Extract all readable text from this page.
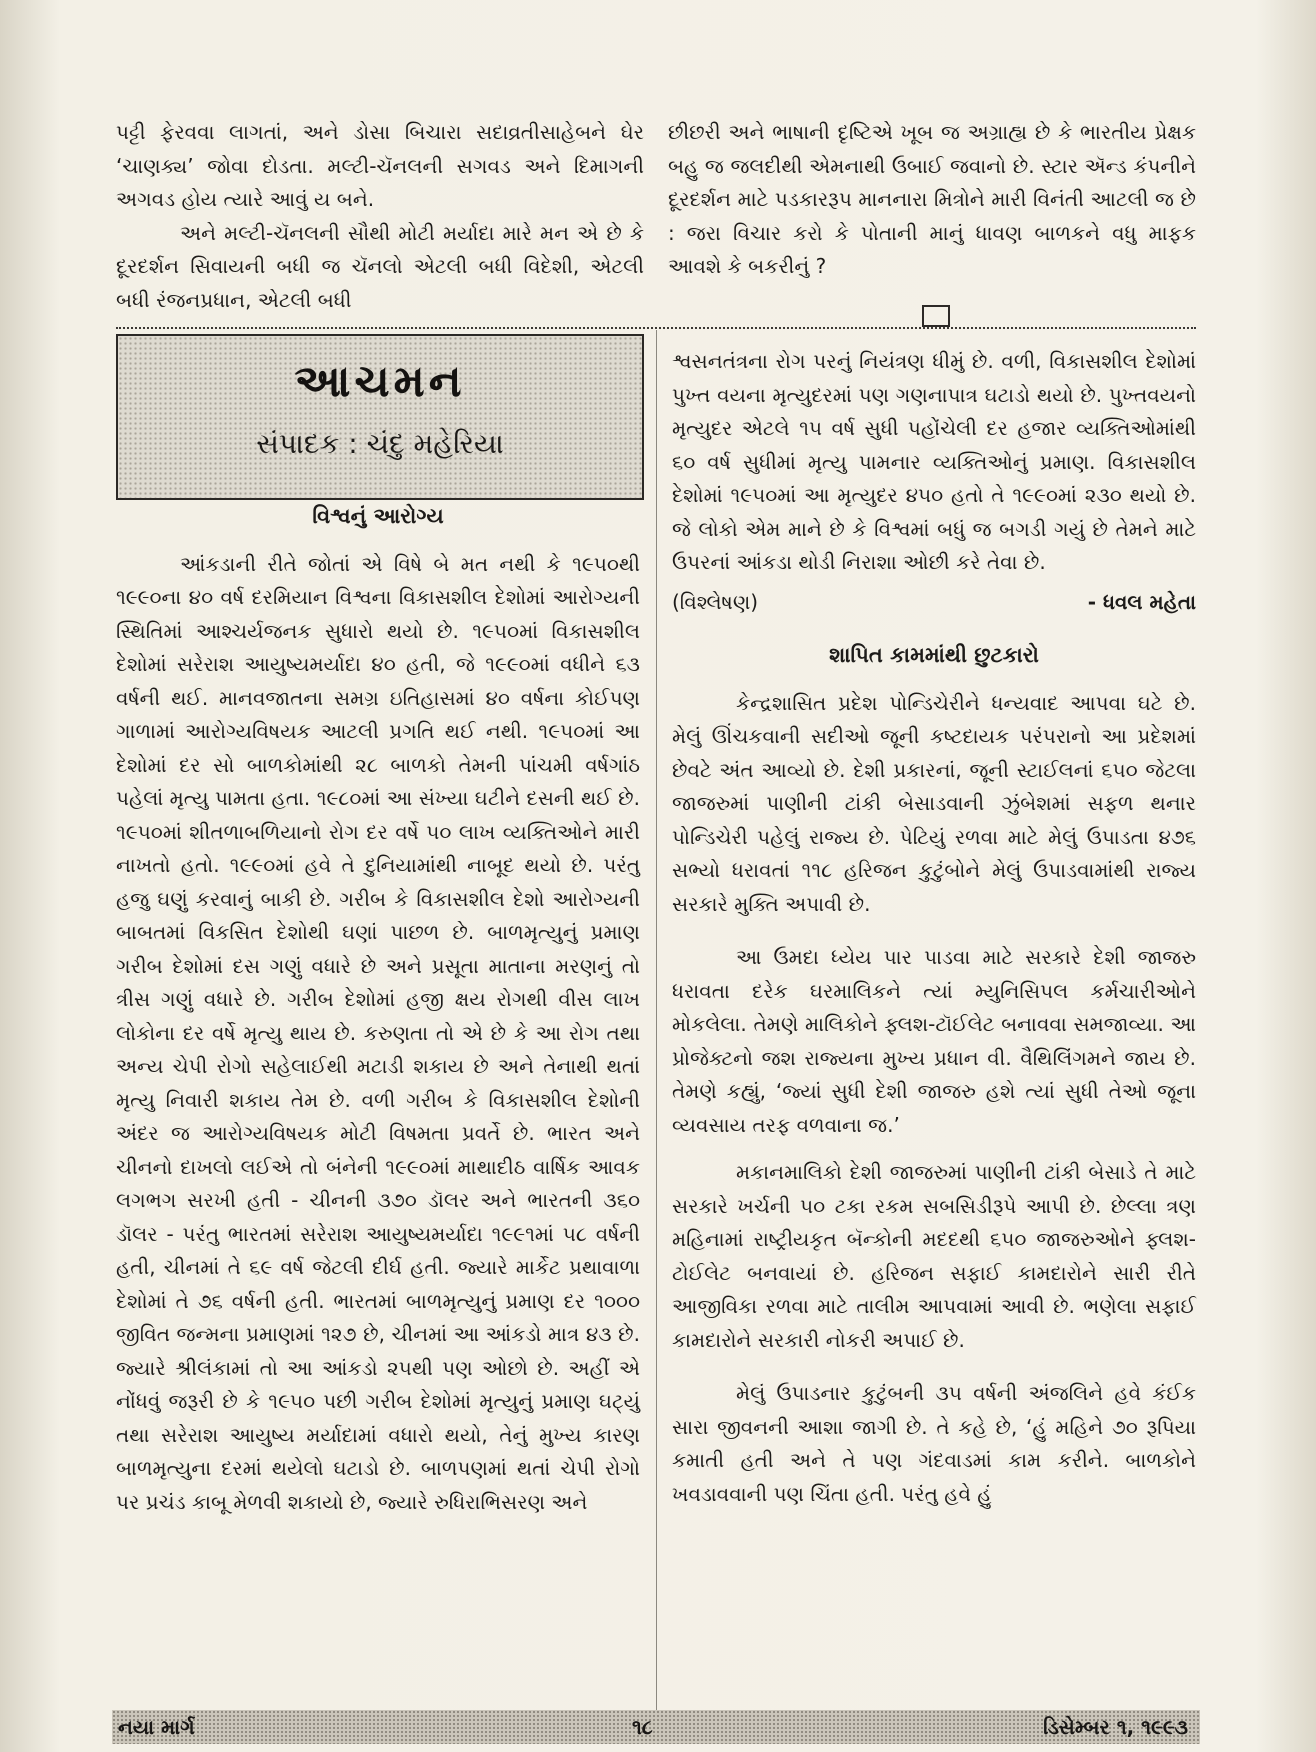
પટ્ટી ફેરવવા લાગતાં, અને ડોસા બિચારા સદાવ્રતીસાહેબને ઘેર ‘ચાણક્ય’ જોવા દોડતા. મલ્ટી-ચૅનલની સગવડ અને દિમાગની અગવડ હોય ત્યારે આવું ય બને.

અને મલ્ટી-ચૅનલની સૌથી મોટી મર્યાદા મારે મન એ છે કે દૂરદર્શન સિવાયની બધી જ ચૅનલો એટલી બધી વિદેશી, એટલી બધી રંજનપ્રધાન, એટલી બધી

છીછરી અને ભાષાની દૃષ્ટિએ ખૂબ જ અગ્રાહ્ય છે કે ભારતીય પ્રેક્ષક બહુ જ જલદીથી એમનાથી ઉબાઈ જવાનો છે. સ્ટાર ઍન્ડ કંપનીને દૂરદર્શન માટે પડકારરૂપ માનનારા મિત્રોને મારી વિનંતી આટલી જ છે : જરા વિચાર કરો કે પોતાની માનું ધાવણ બાળકને વધુ માફક આવશે કે બકરીનું ?

આચમન
સંપાદક : ચંદુ મહેરિયા
વિશ્વનું આરોગ્ય

આંકડાની રીતે જોતાં એ વિષે બે મત નથી કે ૧૯૫૦થી ૧૯૯૦ના ૪૦ વર્ષ દરમિયાન વિશ્વના વિકાસશીલ દેશોમાં આરોગ્યની સ્થિતિમાં આશ્ચર્યજનક સુધારો થયો છે. ૧૯૫૦માં વિકાસશીલ દેશોમાં સરેરાશ આયુષ્યમર્યાદા ૪૦ હતી, જે ૧૯૯૦માં વધીને ૬૩ વર્ષની થઈ. માનવજાતના સમગ્ર ઇતિહાસમાં ૪૦ વર્ષના કોઈપણ ગાળામાં આરોગ્યવિષયક આટલી પ્રગતિ થઈ નથી. ૧૯૫૦માં આ દેશોમાં દર સો બાળકોમાંથી ૨૮ બાળકો તેમની પાંચમી વર્ષગાંઠ પહેલાં મૃત્યુ પામતા હતા. ૧૯૮૦માં આ સંખ્યા ઘટીને દસની થઈ છે. ૧૯૫૦માં શીતળાબળિયાનો રોગ દર વર્ષે ૫૦ લાખ વ્યક્તિઓને મારી નાખતો હતો. ૧૯૯૦માં હવે તે દુનિયામાંથી નાબૂદ થયો છે. પરંતુ હજુ ઘણું કરવાનું બાકી છે. ગરીબ કે વિકાસશીલ દેશો આરોગ્યની બાબતમાં વિકસિત દેશોથી ઘણાં પાછળ છે. બાળમૃત્યુનું પ્રમાણ ગરીબ દેશોમાં દસ ગણું વધારે છે અને પ્રસૂતા માતાના મરણનું તો ત્રીસ ગણું વધારે છે. ગરીબ દેશોમાં હજી ક્ષય રોગથી વીસ લાખ લોકોના દર વર્ષે મૃત્યુ થાય છે. કરુણતા તો એ છે કે આ રોગ તથા અન્ય ચેપી રોગો સહેલાઈથી મટાડી શકાય છે અને તેનાથી થતાં મૃત્યુ નિવારી શકાય તેમ છે. વળી ગરીબ કે વિકાસશીલ દેશોની અંદર જ આરોગ્યવિષયક મોટી વિષમતા પ્રવર્તે છે. ભારત અને ચીનનો દાખલો લઈએ તો બંનેની ૧૯૯૦માં માથાદીઠ વાર્ષિક આવક લગભગ સરખી હતી - ચીનની ૩૭૦ ડૉલર અને ભારતની ૩૬૦ ડૉલર - પરંતુ ભારતમાં સરેરાશ આયુષ્યમર્યાદા ૧૯૯૧માં ૫૮ વર્ષની હતી, ચીનમાં તે ૬૯ વર્ષ જેટલી દીર્ઘ હતી. જ્યારે માર્કેટ પ્રથાવાળા દેશોમાં તે ૭૬ વર્ષની હતી. ભારતમાં બાળમૃત્યુનું પ્રમાણ દર ૧૦૦૦ જીવિત જન્મના પ્રમાણમાં ૧૨૭ છે, ચીનમાં આ આંકડો માત્ર ૪૩ છે. જ્યારે શ્રીલંકામાં તો આ આંકડો ૨૫થી પણ ઓછો છે. અહીં એ નોંધવું જરૂરી છે કે ૧૯૫૦ પછી ગરીબ દેશોમાં મૃત્યુનું પ્રમાણ ઘટ્યું તથા સરેરાશ આયુષ્ય મર્યાદામાં વધારો થયો, તેનું મુખ્ય કારણ બાળમૃત્યુના દરમાં થયેલો ઘટાડો છે. બાળપણમાં થતાં ચેપી રોગો પર પ્રચંડ કાબૂ મેળવી શકાયો છે, જ્યારે રુધિરાભિસરણ અને

શ્વસનતંત્રના રોગ પરનું નિયંત્રણ ધીમું છે. વળી, વિકાસશીલ દેશોમાં પુખ્ત વયના મૃત્યુદરમાં પણ ગણનાપાત્ર ઘટાડો થયો છે. પુખ્તવયનો મૃત્યુદર એટલે ૧૫ વર્ષ સુધી પહોંચેલી દર હજાર વ્યક્તિઓમાંથી ૬૦ વર્ષ સુધીમાં મૃત્યુ પામનાર વ્યક્તિઓનું પ્રમાણ. વિકાસશીલ દેશોમાં ૧૯૫૦માં આ મૃત્યુદર ૪૫૦ હતો તે ૧૯૯૦માં ૨૩૦ થયો છે. જે લોકો એમ માને છે કે વિશ્વમાં બધું જ બગડી ગયું છે તેમને માટે ઉપરનાં આંકડા થોડી નિરાશા ઓછી કરે તેવા છે.

(વિશ્લેષણ)	- ધવલ મહેતા
શાપિત કામમાંથી છુટકારો

કેન્દ્રશાસિત પ્રદેશ પોન્ડિચેરીને ધન્યવાદ આપવા ઘટે છે. મેલું ઊંચકવાની સદીઓ જૂની કષ્ટદાયક પરંપરાનો આ પ્રદેશમાં છેવટે અંત આવ્યો છે. દેશી પ્રકારનાં, જૂની સ્ટાઈલનાં ૬૫૦ જેટલા જાજરુમાં પાણીની ટાંકી બેસાડવાની ઝુંબેશમાં સફળ થનાર પોન્ડિચેરી પહેલું રાજ્ય છે. પેટિયું રળવા માટે મેલું ઉપાડતા ૪૭૬ સભ્યો ધરાવતાં ૧૧૮ હરિજન કુટુંબોને મેલું ઉપાડવામાંથી રાજ્ય સરકારે મુક્તિ અપાવી છે.

આ ઉમદા ધ્યેય પાર પાડવા માટે સરકારે દેશી જાજરુ ધરાવતા દરેક ઘરમાલિકને ત્યાં મ્યુનિસિપલ કર્મચારીઓને મોકલેલા. તેમણે માલિકોને ફ્લશ-ટૉઈલેટ બનાવવા સમજાવ્યા. આ પ્રોજેક્ટનો જશ રાજ્યના મુખ્ય પ્રધાન વી. વૈથિલિંગમને જાય છે. તેમણે કહ્યું, ‘જ્યાં સુધી દેશી જાજરુ હશે ત્યાં સુધી તેઓ જૂના વ્યવસાય તરફ વળવાના જ.’

મકાનમાલિકો દેશી જાજરુમાં પાણીની ટાંકી બેસાડે તે માટે સરકારે ખર્ચની ૫૦ ટકા રકમ સબસિડીરૂપે આપી છે. છેલ્લા ત્રણ મહિનામાં રાષ્ટ્રીયકૃત બૅન્કોની મદદથી ૬૫૦ જાજરુઓને ફ્લશ-ટોઈલેટ બનવાયાં છે. હરિજન સફાઈ કામદારોને સારી રીતે આજીવિકા રળવા માટે તાલીમ આપવામાં આવી છે. ભણેલા સફાઈ કામદારોને સરકારી નોકરી અપાઈ છે.

મેલું ઉપાડનાર કુટુંબની ૩૫ વર્ષની અંજલિને હવે કંઈક સારા જીવનની આશા જાગી છે. તે કહે છે, ‘હું મહિને ૭૦ રૂપિયા કમાતી હતી અને તે પણ ગંદવાડમાં કામ કરીને. બાળકોને ખવડાવવાની પણ ચિંતા હતી. પરંતુ હવે હું

નયા માર્ગ	૧૮	ડિસેમ્બર ૧, ૧૯૯૩
